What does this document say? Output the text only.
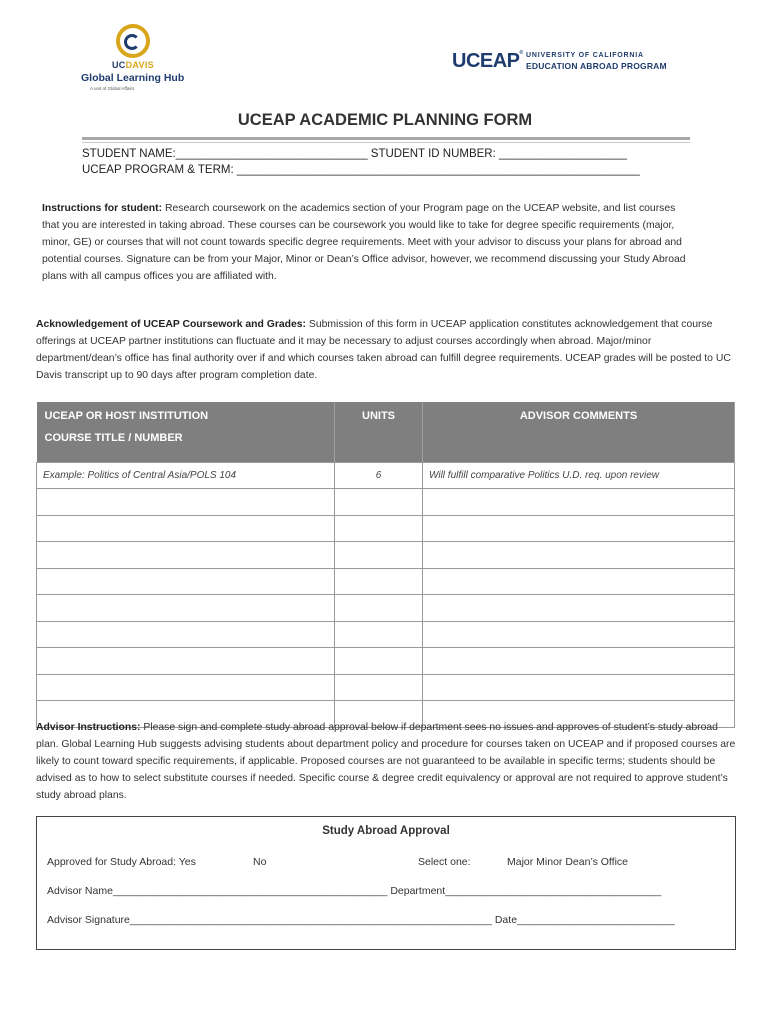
UCDAVIS
Global Learning Hub
A unit of Global Affairs
UCEAP® UNIVERSITY OF CALIFORNIA
EDUCATION ABROAD PROGRAM
UCEAP ACADEMIC PLANNING FORM
STUDENT NAME:______________________________ STUDENT ID NUMBER: ____________________
UCEAP PROGRAM & TERM: _______________________________________________________________
Instructions for student: Research coursework on the academics section of your Program page on the UCEAP website, and list courses that you are interested in taking abroad. These courses can be coursework you would like to take for degree specific requirements (major, minor, GE) or courses that will not count towards specific degree requirements. Meet with your advisor to discuss your plans for abroad and potential courses. Signature can be from your Major, Minor or Dean’s Office advisor, however, we recommend discussing your Study Abroad plans with all campus offices you are affiliated with.
Acknowledgement of UCEAP Coursework and Grades: Submission of this form in UCEAP application constitutes acknowledgement that course offerings at UCEAP partner institutions can fluctuate and it may be necessary to adjust courses accordingly when abroad. Major/minor department/dean’s office has final authority over if and which courses taken abroad can fulfill degree requirements. UCEAP grades will be posted to UC Davis transcript up to 90 days after program completion date.
UCEAP OR HOST INSTITUTION
COURSE TITLE / NUMBER	UNITS	ADVISOR COMMENTS
Example: Politics of Central Asia/POLS 104	6	Will fulfill comparative Politics U.D. req. upon review

Advisor Instructions: Please sign and complete study abroad approval below if department sees no issues and approves of student’s study abroad plan. Global Learning Hub suggests advising students about department policy and procedure for courses taken on UCEAP and if proposed courses are likely to count toward specific requirements, if applicable. Proposed courses are not guaranteed to be available in specific terms; students should be advised as to how to select substitute courses if needed. Specific course & degree credit equivalency or approval are not required to approve student’s study abroad plans.
Study Abroad Approval
Approved for Study Abroad: Yes	No	Select one:	Major Minor Dean’s Office
Advisor Name_______________________________________________ Department_____________________________________
Advisor Signature______________________________________________________________ Date___________________________
